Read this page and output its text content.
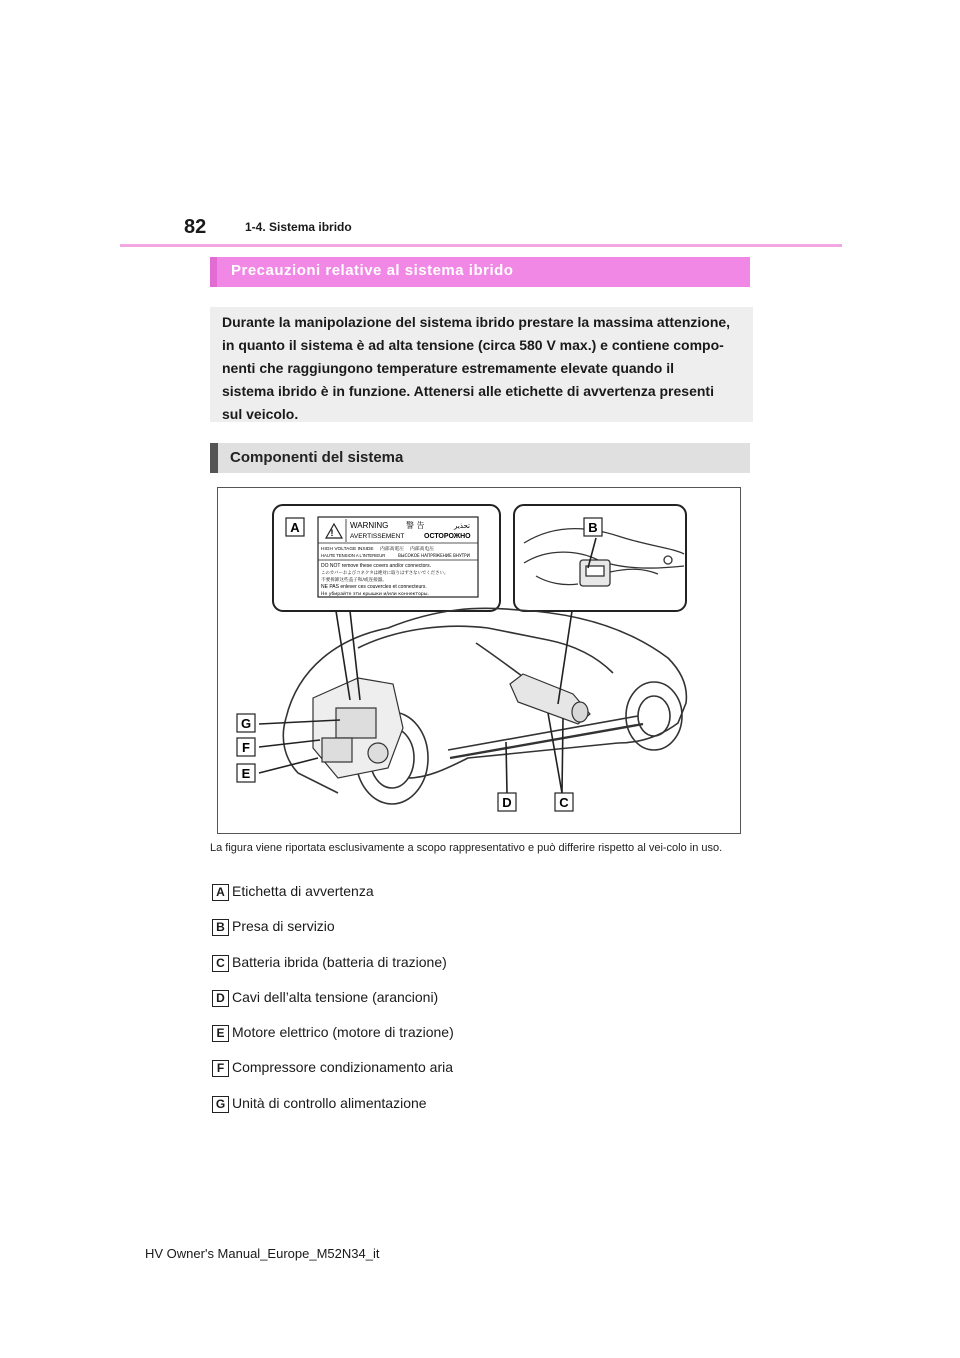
82	1-4. Sistema ibrido
Precauzioni relative al sistema ibrido
Durante la manipolazione del sistema ibrido prestare la massima attenzione,
in quanto il sistema è ad alta tensione (circa 580 V max.) e contiene compo-
nenti che raggiungono temperature estremamente elevate quando il
sistema ibrido è in funzione. Attenersi alle etichette di avvertenza presenti
sul veicolo.
Componenti del sistema
!
WARNING 警 告	تحذير
AVERTISSEMENT	ОСТОРОЖНО
HIGH VOLTAGE INSIDE 内部高電圧 内部高电压
HAUTE TENSION A L'INTERIEUR	ВЫСОКОЕ НАПРЯЖЕНИЕ ВНУТРИ
DO NOT remove these covers and/or connectors.
このカバーおよびコネクタは絶対に取りはずさないでください。
不要拆卸这些盖子和/或连接器。
NE PAS enlever ces couvercles et connecteurs.
Не убирайте эти крышки и/или коннекторы.
A	B
C
D
E
F
G
La figura viene riportata esclusivamente a scopo rappresentativo e può differire rispetto al vei-colo in uso.
A Etichetta di avvertenza
B Presa di servizio
C Batteria ibrida (batteria di trazione)
D Cavi dell’alta tensione (arancioni)
E Motore elettrico (motore di trazione)
F Compressore condizionamento aria
G Unità di controllo alimentazione
HV Owner's Manual_Europe_M52N34_it
